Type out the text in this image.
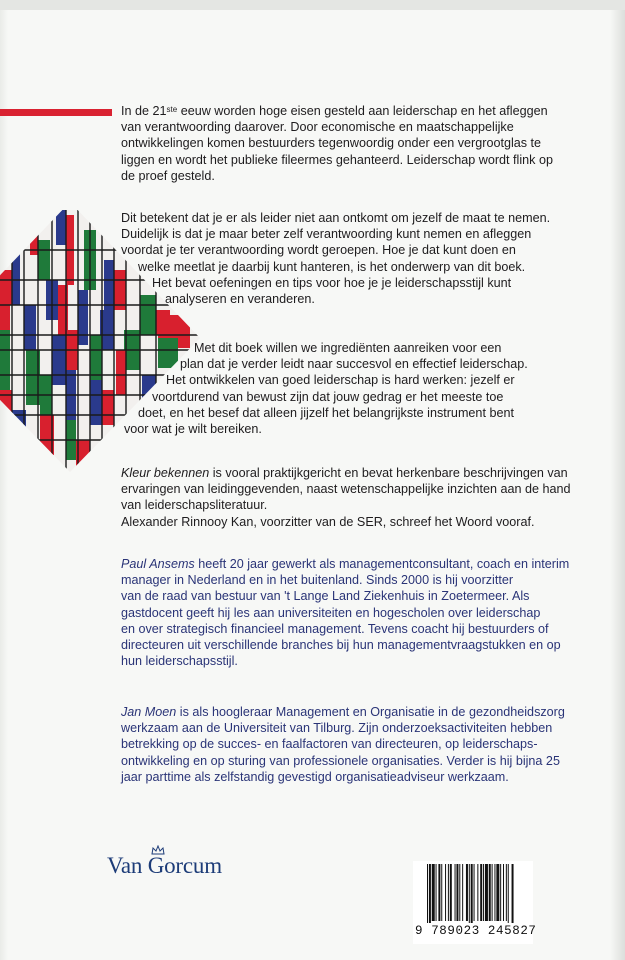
In de 21ste eeuw worden hoge eisen gesteld aan leiderschap en het afleggen
van verantwoording daarover. Door economische en maatschappelijke
ontwikkelingen komen bestuurders tegenwoordig onder een vergrootglas te
liggen en wordt het publieke fileermes gehanteerd. Leiderschap wordt flink op
de proef gesteld.
Dit betekent dat je er als leider niet aan ontkomt om jezelf de maat te nemen.
Duidelijk is dat je maar beter zelf verantwoording kunt nemen en afleggen
voordat je ter verantwoording wordt geroepen. Hoe je dat kunt doen en
welke meetlat je daarbij kunt hanteren, is het onderwerp van dit boek.
Het bevat oefeningen en tips voor hoe je je leiderschapsstijl kunt
analyseren en veranderen.
Met dit boek willen we ingrediënten aanreiken voor een
plan dat je verder leidt naar succesvol en effectief leiderschap.
Het ontwikkelen van goed leiderschap is hard werken: jezelf er
voortdurend van bewust zijn dat jouw gedrag er het meeste toe
doet, en het besef dat alleen jijzelf het belangrijkste instrument bent
voor wat je wilt bereiken.
Kleur bekennen is vooral praktijkgericht en bevat herkenbare beschrijvingen van
ervaringen van leidinggevenden, naast wetenschappelijke inzichten aan de hand
van leiderschapsliteratuur.
Alexander Rinnooy Kan, voorzitter van de SER, schreef het Woord vooraf.
Paul Ansems heeft 20 jaar gewerkt als managementconsultant, coach en interim
manager in Nederland en in het buitenland. Sinds 2000 is hij voorzitter
van de raad van bestuur van 't Lange Land Ziekenhuis in Zoetermeer. Als
gastdocent geeft hij les aan universiteiten en hogescholen over leiderschap
en over strategisch financieel management. Tevens coacht hij bestuurders of
directeuren uit verschillende branches bij hun managementvraagstukken en op
hun leiderschapsstijl.
Jan Moen is als hoogleraar Management en Organisatie in de gezondheidszorg
werkzaam aan de Universiteit van Tilburg. Zijn onderzoeksactiviteiten hebben
betrekking op de succes- en faalfactoren van directeuren, op leiderschaps-
ontwikkeling en op sturing van professionele organisaties. Verder is hij bijna 25
jaar parttime als zelfstandig gevestigd organisatieadviseur werkzaam.
Van Gorcum
9 789023 245827
